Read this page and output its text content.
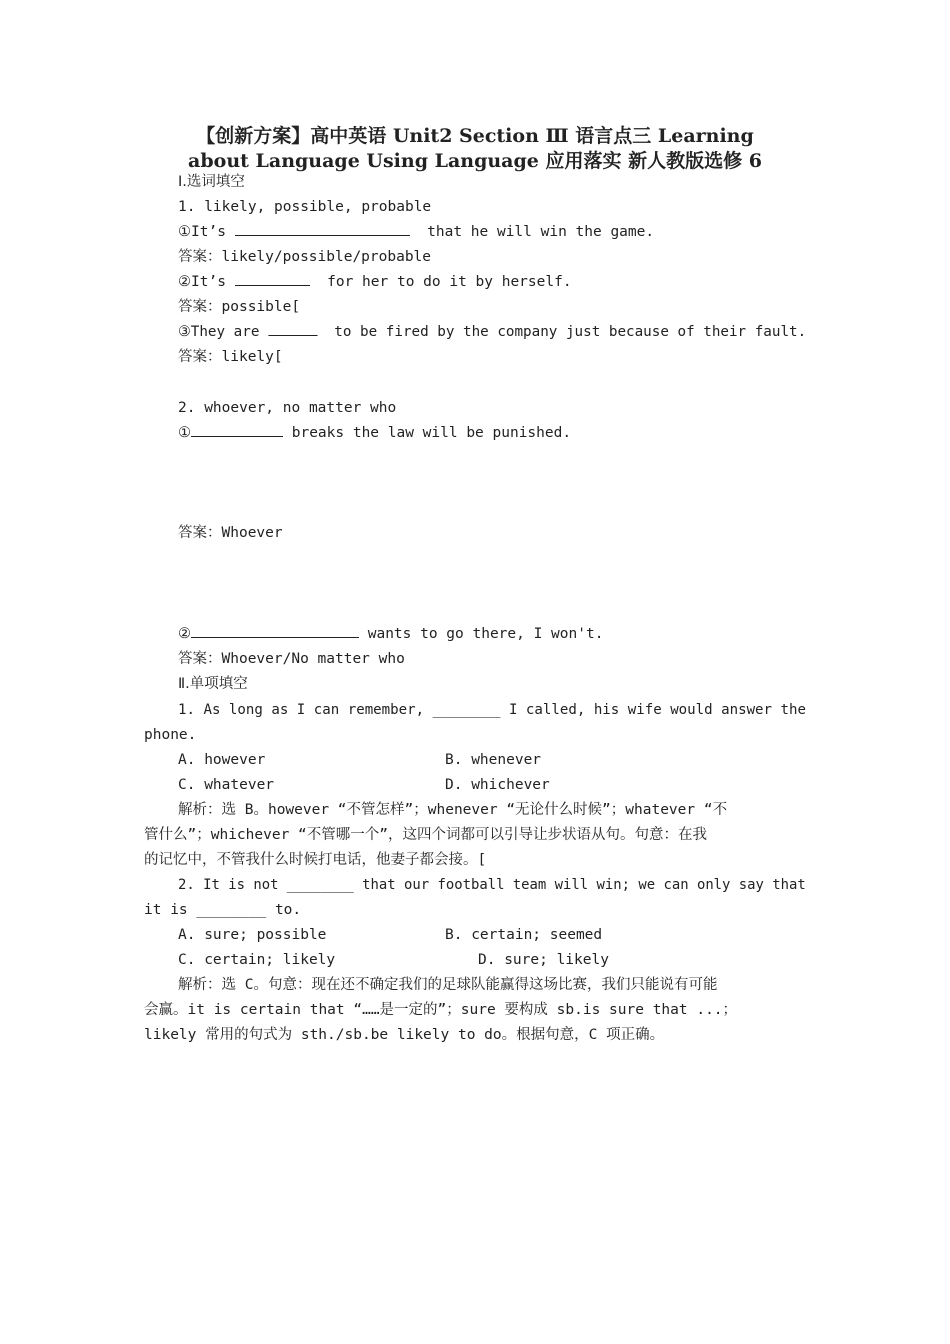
【创新方案】高中英语 Unit2 Section Ⅲ 语言点三 Learning
about Language Using Language 应用落实 新人教版选修 6
Ⅰ.选词填空
1. likely, possible, probable
①It’s	that he will win the game.
答案：likely/possible/probable
②It’s	for her to do it by herself.
答案：possible[
③They are	to be fired by the company just because of their fault.
答案：likely[
2. whoever, no matter who
①	breaks the law will be punished.
答案：Whoever
②	wants to go there, I won't.
答案：Whoever/No matter who
Ⅱ.单项填空
1. As long as I can remember, ________ I called, his wife would answer the
phone.
A. however	B. whenever
C. whatever	D. whichever
解析：选 B。however “不管怎样”；whenever “无论什么时候”；whatever “不
管什么”；whichever “不管哪一个”，这四个词都可以引导让步状语从句。句意：在我
的记忆中，不管我什么时候打电话，他妻子都会接。[
2. It is not ________ that our football team will win; we can only say that
it is ________ to.
A. sure; possible	B. certain; seemed
C. certain; likely	D. sure; likely
解析：选 C。句意：现在还不确定我们的足球队能赢得这场比赛，我们只能说有可能
会赢。it is certain that “……是一定的”；sure 要构成 sb.is sure that ...；
likely 常用的句式为 sth./sb.be likely to do。根据句意，C 项正确。
